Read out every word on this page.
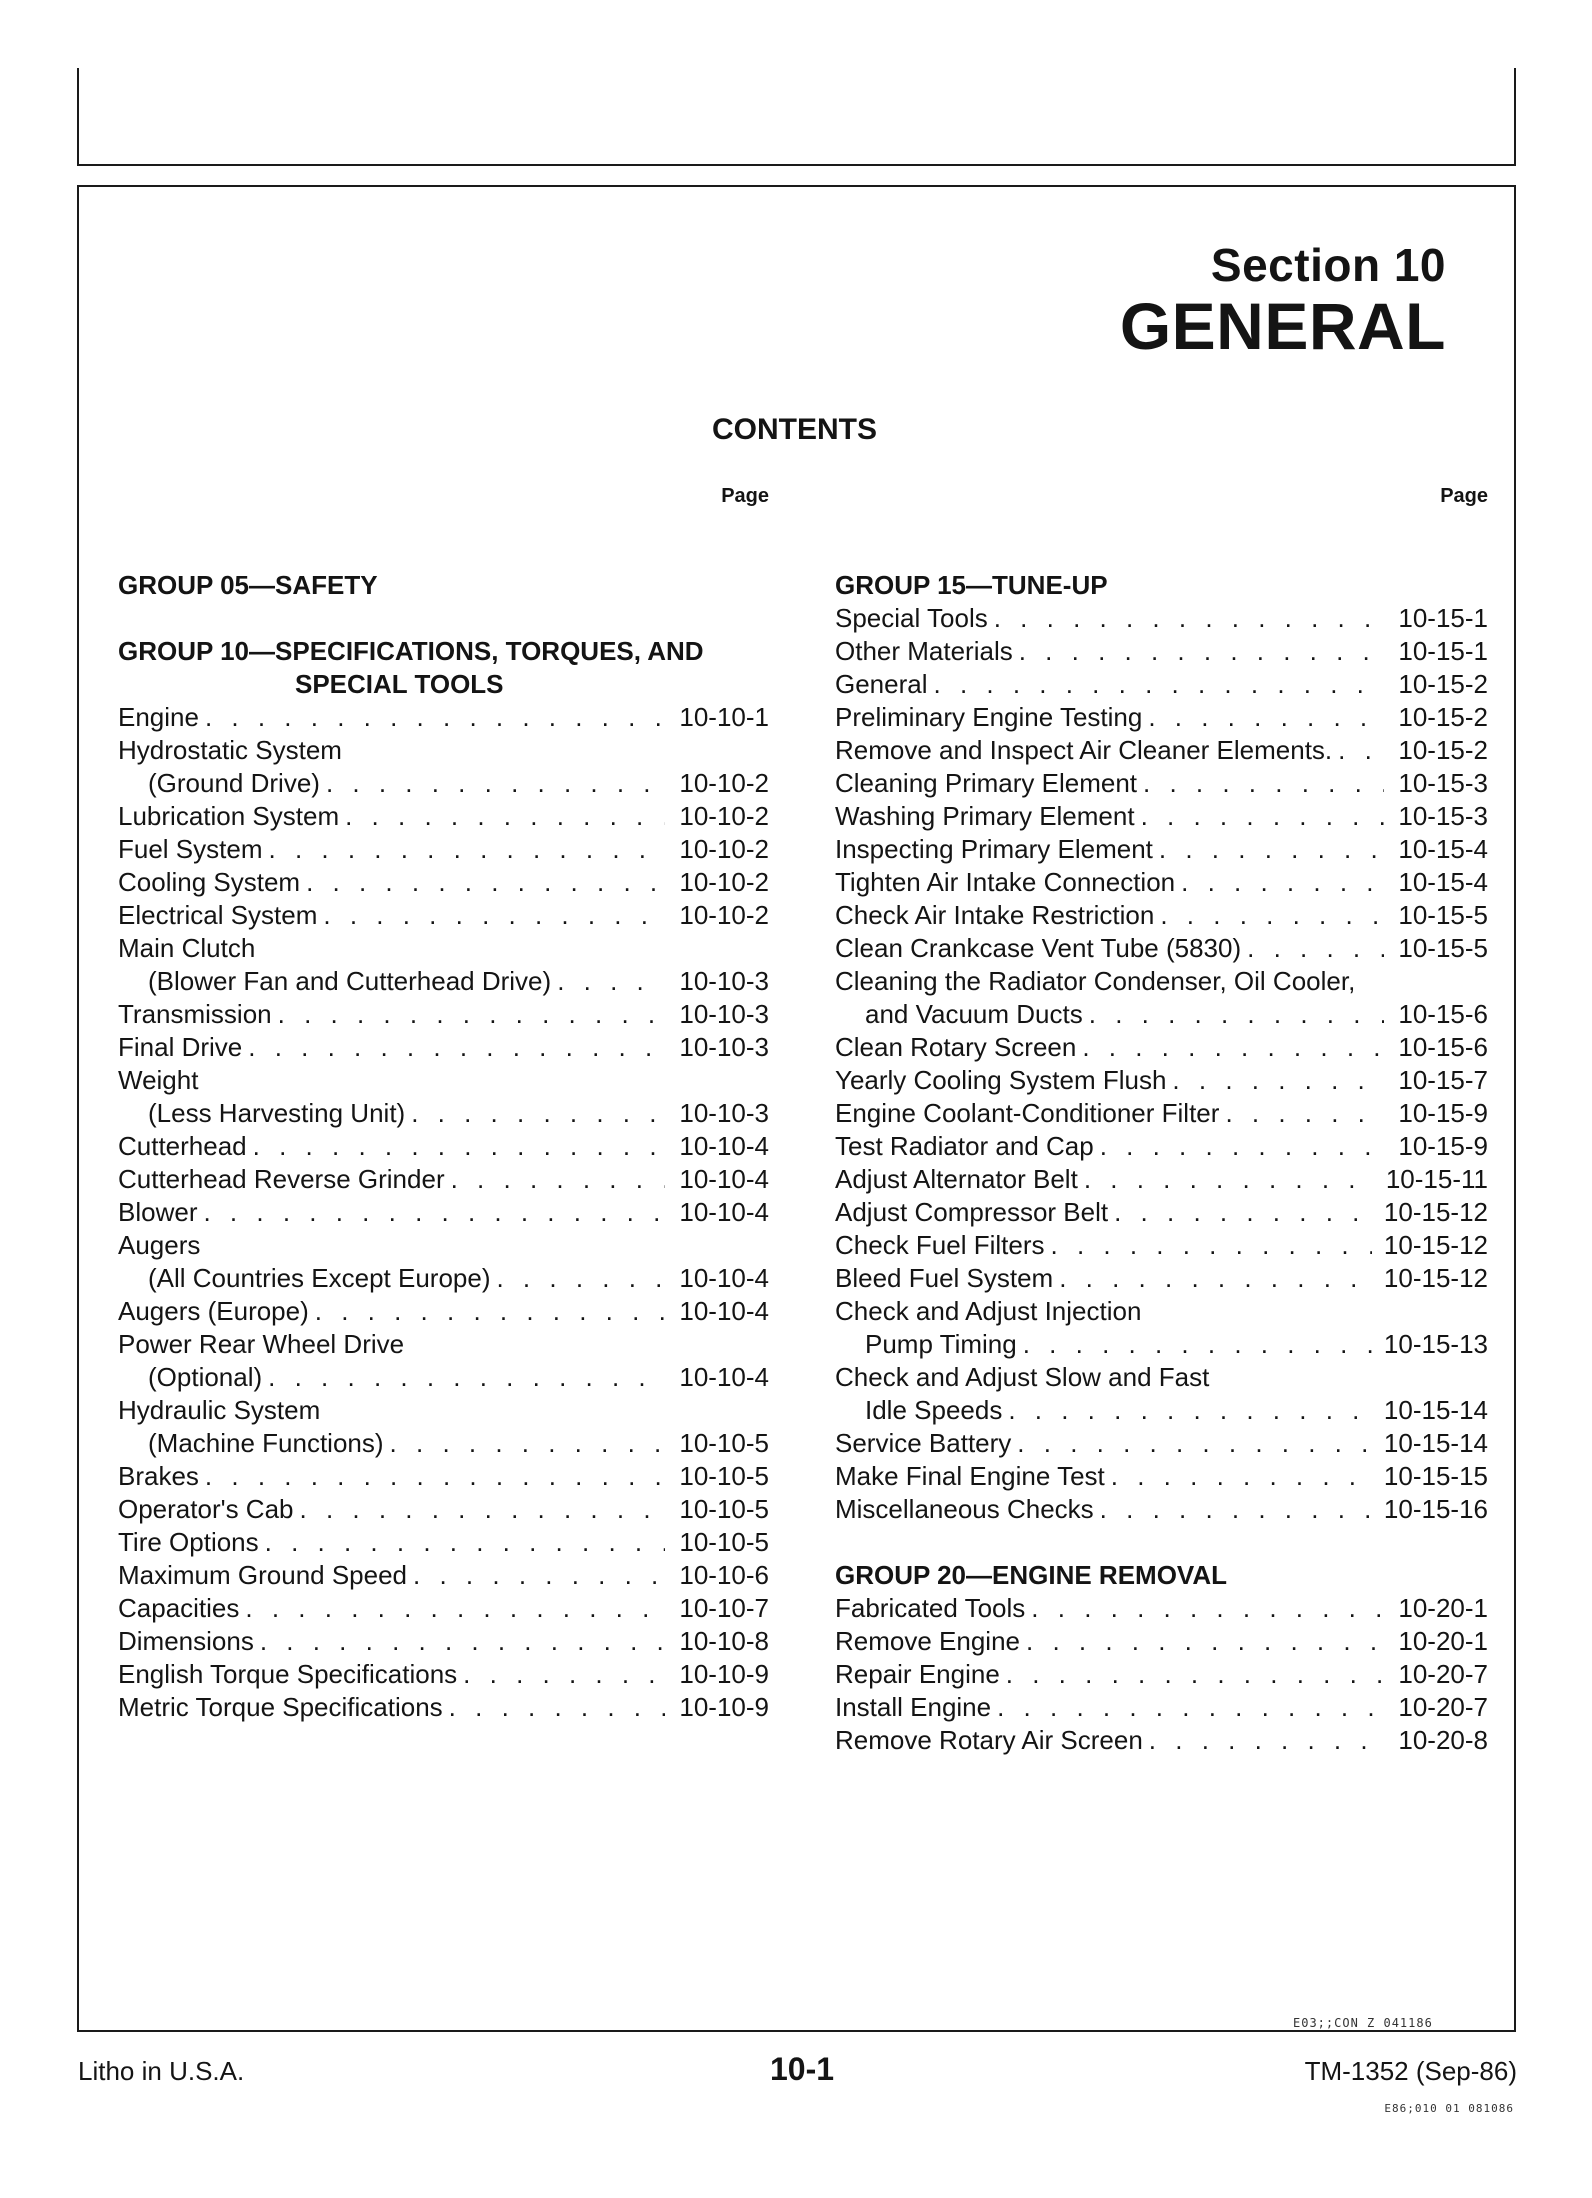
Section 10
GENERAL
CONTENTS
Page
GROUP 05—SAFETY
GROUP 10—SPECIFICATIONS, TORQUES, AND
SPECIAL TOOLS
Engine . . .	10-10-1
Hydrostatic System
(Ground Drive) . . .	10-10-2
Lubrication System . . .	10-10-2
Fuel System . . .	10-10-2
Cooling System . . .	10-10-2
Electrical System . . .	10-10-2
Main Clutch
(Blower Fan and Cutterhead Drive) . . .	10-10-3
Transmission . . .	10-10-3
Final Drive . . .	10-10-3
Weight
(Less Harvesting Unit) . . .	10-10-3
Cutterhead . . .	10-10-4
Cutterhead Reverse Grinder . . .	10-10-4
Blower . . .	10-10-4
Augers
(All Countries Except Europe) . . .	10-10-4
Augers (Europe) . . .	10-10-4
Power Rear Wheel Drive
(Optional) . . .	10-10-4
Hydraulic System
(Machine Functions) . . .	10-10-5
Brakes . . .	10-10-5
Operator's Cab . . .	10-10-5
Tire Options . . .	10-10-5
Maximum Ground Speed . . .	10-10-6
Capacities . . .	10-10-7
Dimensions . . .	10-10-8
English Torque Specifications . . .	10-10-9
Metric Torque Specifications . . .	10-10-9
Page
GROUP 15—TUNE-UP
Special Tools . . .	10-15-1
Other Materials . . .	10-15-1
General . . .	10-15-2
Preliminary Engine Testing . . .	10-15-2
Remove and Inspect Air Cleaner Elements. . . .	10-15-2
Cleaning Primary Element . . .	10-15-3
Washing Primary Element . . .	10-15-3
Inspecting Primary Element . . .	10-15-4
Tighten Air Intake Connection . . .	10-15-4
Check Air Intake Restriction . . .	10-15-5
Clean Crankcase Vent Tube (5830) . . .	10-15-5
Cleaning the Radiator Condenser, Oil Cooler,
and Vacuum Ducts . . .	10-15-6
Clean Rotary Screen . . .	10-15-6
Yearly Cooling System Flush . . .	10-15-7
Engine Coolant-Conditioner Filter . . .	10-15-9
Test Radiator and Cap . . .	10-15-9
Adjust Alternator Belt . . .	10-15-11
Adjust Compressor Belt . . .	10-15-12
Check Fuel Filters . . .	10-15-12
Bleed Fuel System . . .	10-15-12
Check and Adjust Injection
Pump Timing . . .	10-15-13
Check and Adjust Slow and Fast
Idle Speeds . . .	10-15-14
Service Battery . . .	10-15-14
Make Final Engine Test . . .	10-15-15
Miscellaneous Checks . . .	10-15-16
GROUP 20—ENGINE REMOVAL
Fabricated Tools . . .	10-20-1
Remove Engine . . .	10-20-1
Repair Engine . . .	10-20-7
Install Engine . . .	10-20-7
Remove Rotary Air Screen . . .	10-20-8
E03;;CON Z 041186
Litho in U.S.A.	10-1	TM-1352 (Sep-86)
E86;010 01 081086
